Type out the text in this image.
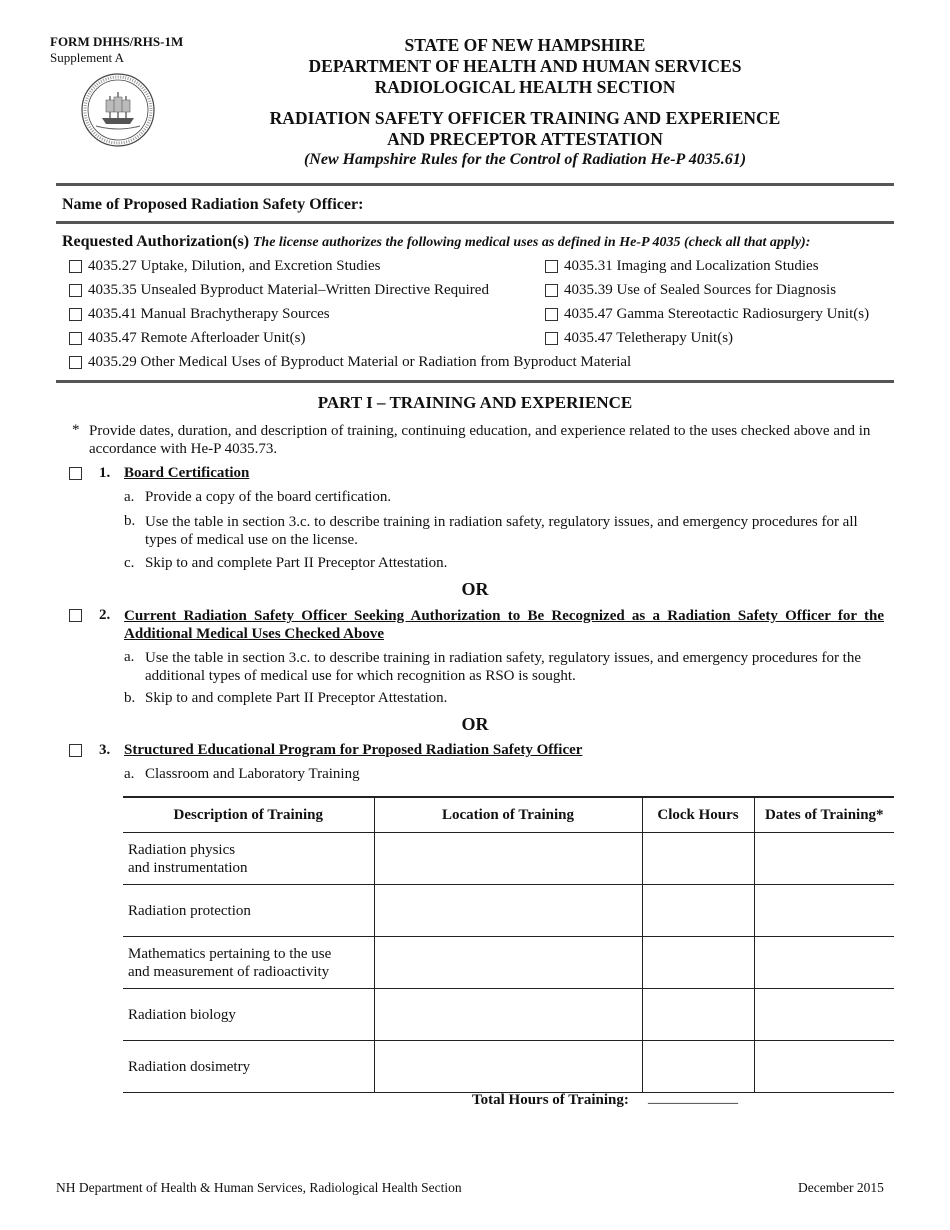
FORM DHHS/RHS-1M
Supplement A
STATE OF NEW HAMPSHIRE
DEPARTMENT OF HEALTH AND HUMAN SERVICES
RADIOLOGICAL HEALTH SECTION
RADIATION SAFETY OFFICER TRAINING AND EXPERIENCE
AND PRECEPTOR ATTESTATION
(New Hampshire Rules for the Control of Radiation He-P 4035.61)
Name of Proposed Radiation Safety Officer:
Requested Authorization(s) The license authorizes the following medical uses as defined in He-P 4035 (check all that apply):
4035.27 Uptake, Dilution, and Excretion Studies	4035.31 Imaging and Localization Studies
4035.35 Unsealed Byproduct Material–Written Directive Required	4035.39 Use of Sealed Sources for Diagnosis
4035.41 Manual Brachytherapy Sources	4035.47 Gamma Stereotactic Radiosurgery Unit(s)
4035.47 Remote Afterloader Unit(s)	4035.47 Teletherapy Unit(s)
4035.29 Other Medical Uses of Byproduct Material or Radiation from Byproduct Material
PART I – TRAINING AND EXPERIENCE
* Provide dates, duration, and description of training, continuing education, and experience related to the uses checked above and in accordance with He-P 4035.73.
1. Board Certification
a. Provide a copy of the board certification.
b. Use the table in section 3.c. to describe training in radiation safety, regulatory issues, and emergency procedures for all types of medical use on the license.
c. Skip to and complete Part II Preceptor Attestation.
OR
2. Current Radiation Safety Officer Seeking Authorization to Be Recognized as a Radiation Safety Officer for the Additional Medical Uses Checked Above
a. Use the table in section 3.c. to describe training in radiation safety, regulatory issues, and emergency procedures for the additional types of medical use for which recognition as RSO is sought.
b. Skip to and complete Part II Preceptor Attestation.
OR
3. Structured Educational Program for Proposed Radiation Safety Officer
a. Classroom and Laboratory Training
Description of Training	Location of Training	Clock Hours	Dates of Training*
Radiation physics
and instrumentation			
Radiation protection			
Mathematics pertaining to the use
and measurement of radioactivity			
Radiation biology			
Radiation dosimetry			
Total Hours of Training: ____________
NH Department of Health & Human Services, Radiological Health Section	December 2015
